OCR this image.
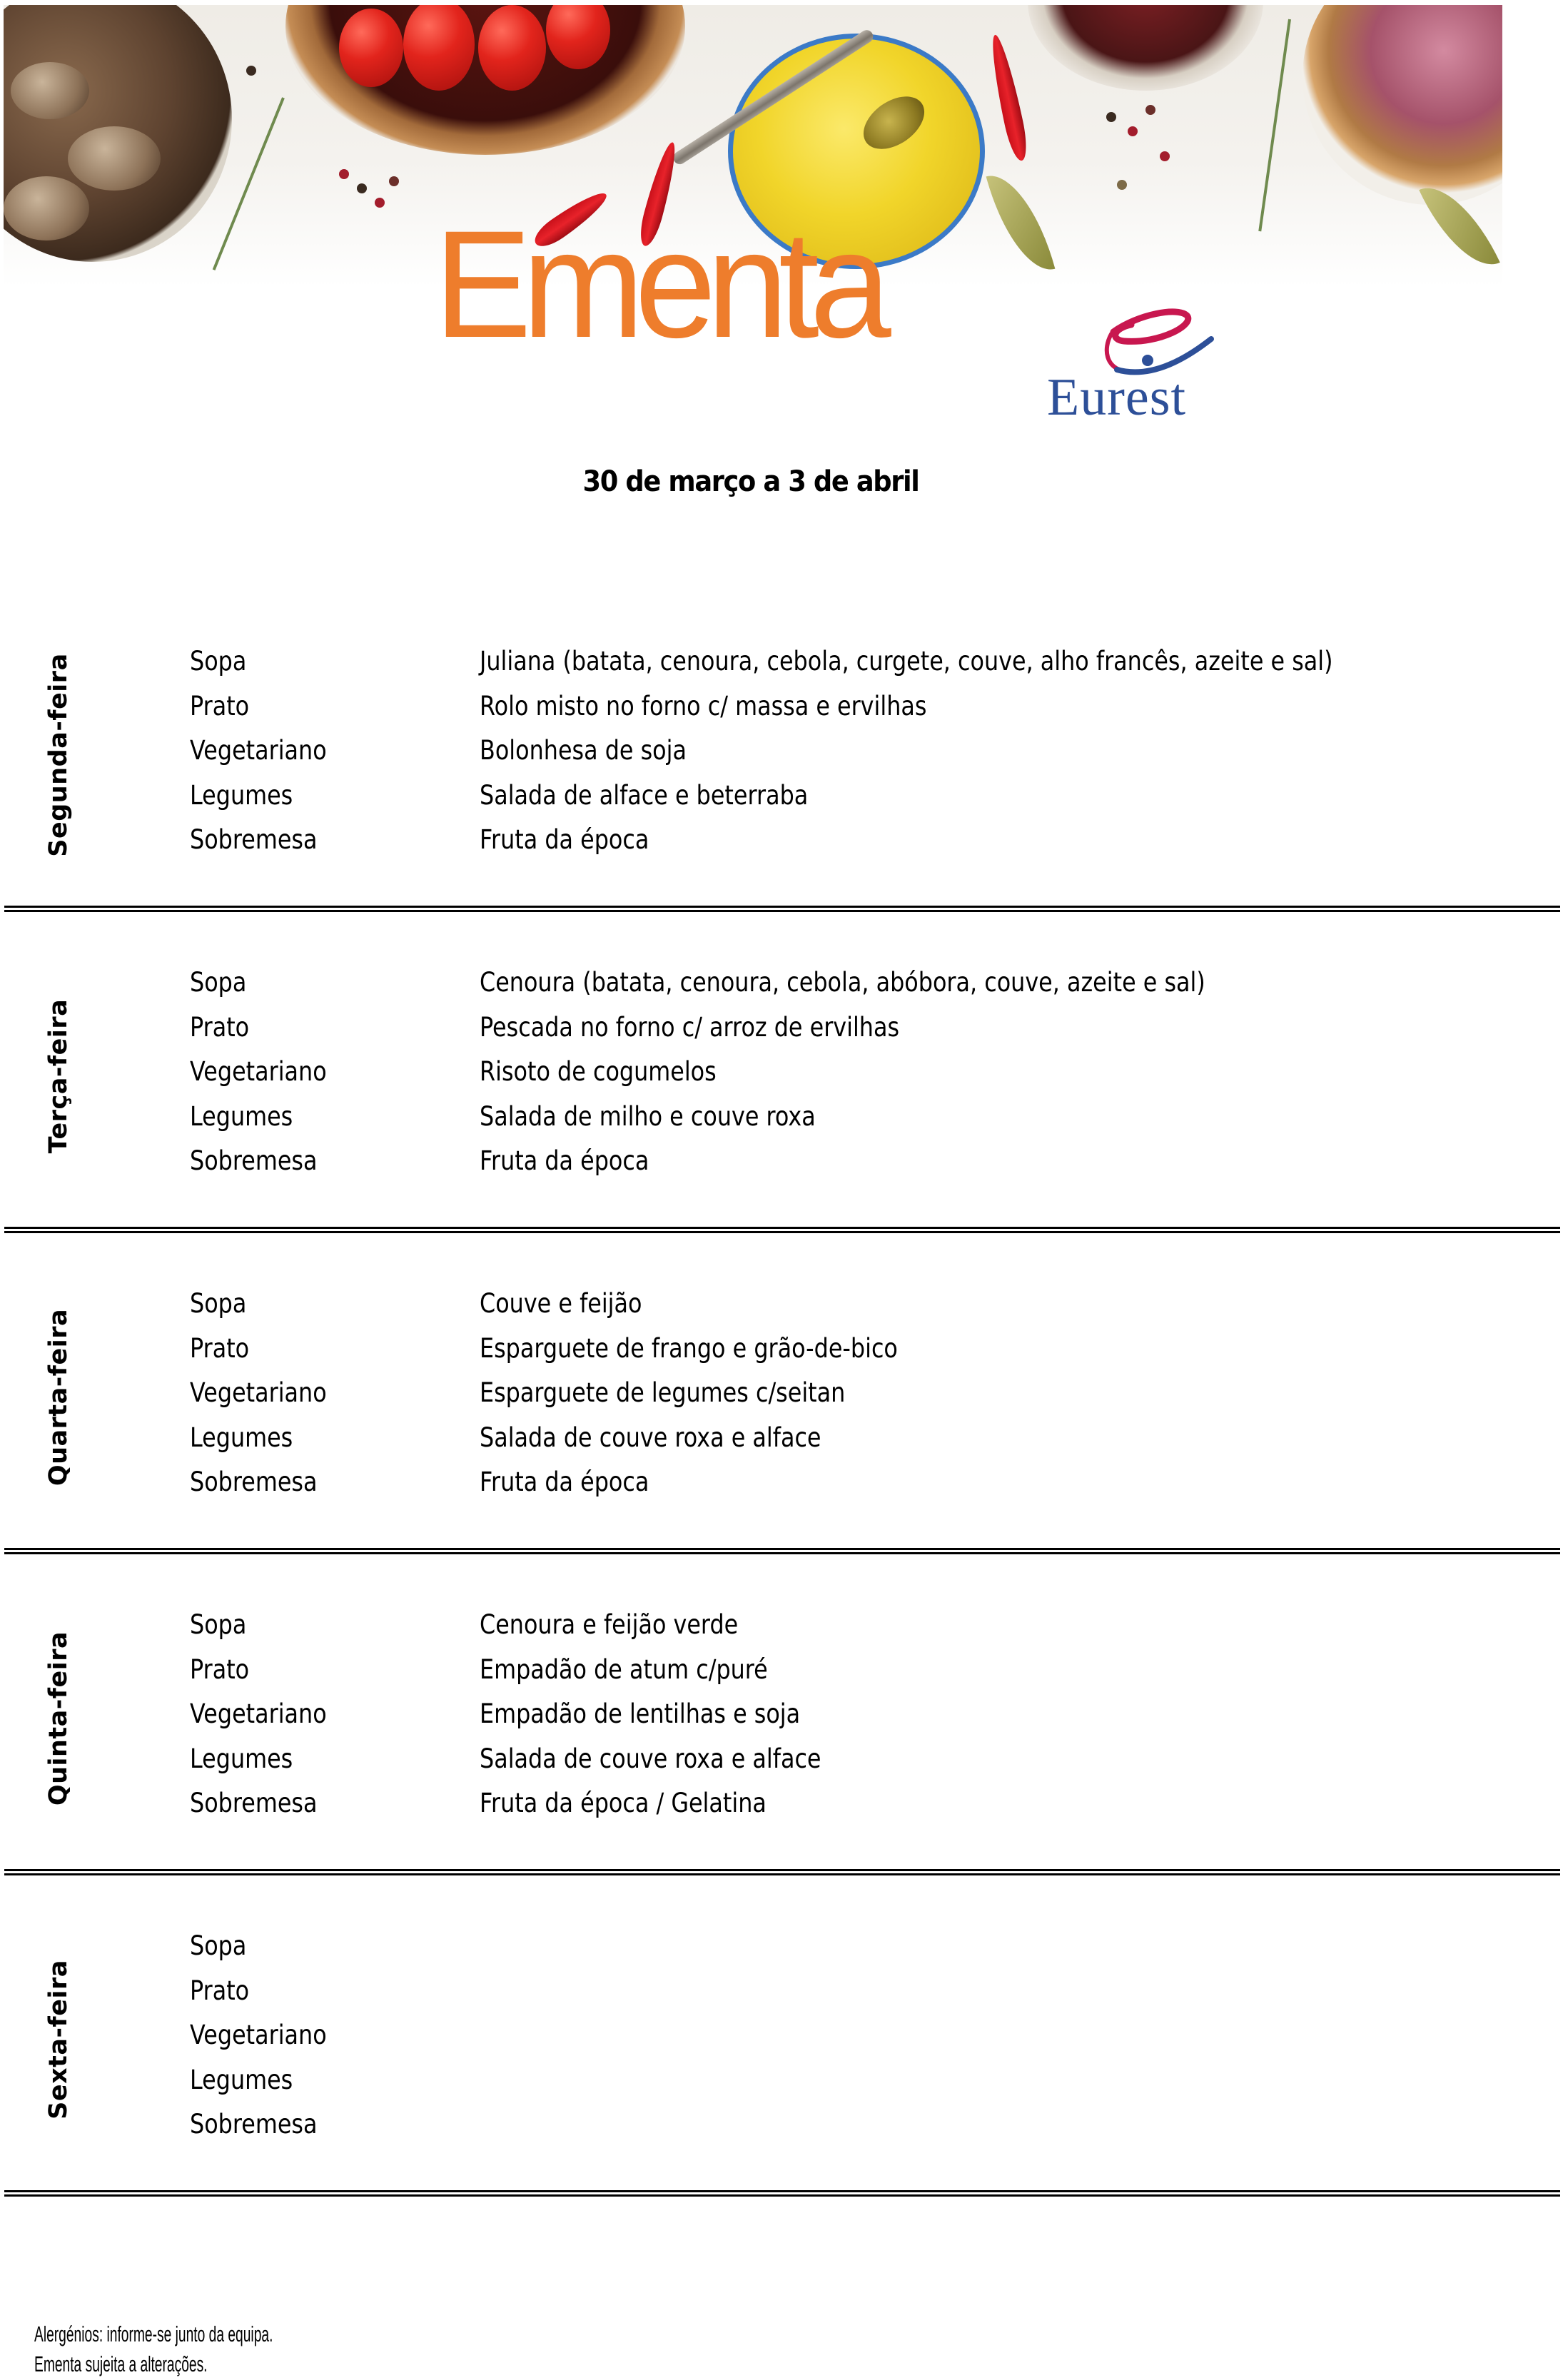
Ementa
Eurest
30 de março a 3 de abril
Segunda-feira	Sopa	Juliana (batata, cenoura, cebola, curgete, couve, alho francês, azeite e sal)
Prato	Rolo misto no forno c/ massa e ervilhas
Vegetariano	Bolonhesa de soja
Legumes	Salada de alface e beterraba
Sobremesa	Fruta da época
Terça-feira
Sopa	Cenoura (batata, cenoura, cebola, abóbora, couve, azeite e sal)
Prato	Pescada no forno c/ arroz de ervilhas
Vegetariano	Risoto de cogumelos
Legumes	Salada de milho e couve roxa
Sobremesa	Fruta da época
Quarta-feira
Sopa	Couve e feijão
Prato	Esparguete de frango e grão-de-bico
Vegetariano	Esparguete de legumes c/seitan
Legumes	Salada de couve roxa e alface
Sobremesa	Fruta da época
Quinta-feira
Sopa	Cenoura e feijão verde
Prato	Empadão de atum c/puré
Vegetariano	Empadão de lentilhas e soja
Legumes	Salada de couve roxa e alface
Sobremesa	Fruta da época / Gelatina
Sexta-feira
Sopa
Prato
Vegetariano
Legumes
Sobremesa
Alergénios: informe-se junto da equipa.
Ementa sujeita a alterações.
